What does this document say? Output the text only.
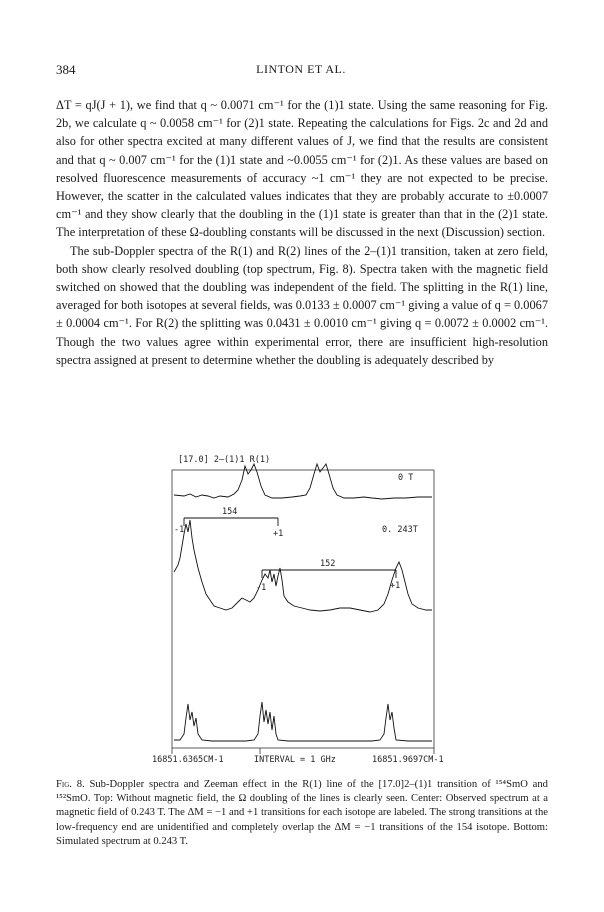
384	LINTON ET AL.

ΔT = qJ(J + 1), we find that q ~ 0.0071 cm⁻¹ for the (1)1 state. Using the same reasoning for Fig. 2b, we calculate q ~ 0.0058 cm⁻¹ for (2)1 state. Repeating the calculations for Figs. 2c and 2d and also for other spectra excited at many different values of J, we find that the results are consistent and that q ~ 0.007 cm⁻¹ for the (1)1 state and ~0.0055 cm⁻¹ for (2)1. As these values are based on resolved fluorescence measurements of accuracy ~1 cm⁻¹ they are not expected to be precise. However, the scatter in the calculated values indicates that they are probably accurate to ±0.0007 cm⁻¹ and they show clearly that the doubling in the (1)1 state is greater than that in the (2)1 state. The interpretation of these Ω-doubling constants will be discussed in the next (Discussion) section.

The sub-Doppler spectra of the R(1) and R(2) lines of the 2–(1)1 transition, taken at zero field, both show clearly resolved doubling (top spectrum, Fig. 8). Spectra taken with the magnetic field switched on showed that the doubling was independent of the field. The splitting in the R(1) line, averaged for both isotopes at several fields, was 0.0133 ± 0.0007 cm⁻¹ giving a value of q = 0.0067 ± 0.0004 cm⁻¹. For R(2) the splitting was 0.0431 ± 0.0010 cm⁻¹ giving q = 0.0072 ± 0.0002 cm⁻¹. Though the two values agree within experimental error, there are insufficient high-resolution spectra assigned at present to determine whether the doubling is adequately described by

[17.0] 2—(1)1 R(1)
0 T
0. 243T
154
-1	+1
152
-1	+1
16851.6365CM-1	INTERVAL = 1 GHz	16851.9697CM-1
Fig. 8. Sub-Doppler spectra and Zeeman effect in the R(1) line of the [17.0]2–(1)1 transition of ¹⁵⁴SmO and ¹⁵²SmO. Top: Without magnetic field, the Ω doubling of the lines is clearly seen. Center: Observed spectrum at a magnetic field of 0.243 T. The ΔM = −1 and +1 transitions for each isotope are labeled. The strong transitions at the low-frequency end are unidentified and completely overlap the ΔM = −1 transitions of the 154 isotope. Bottom: Simulated spectrum at 0.243 T.
